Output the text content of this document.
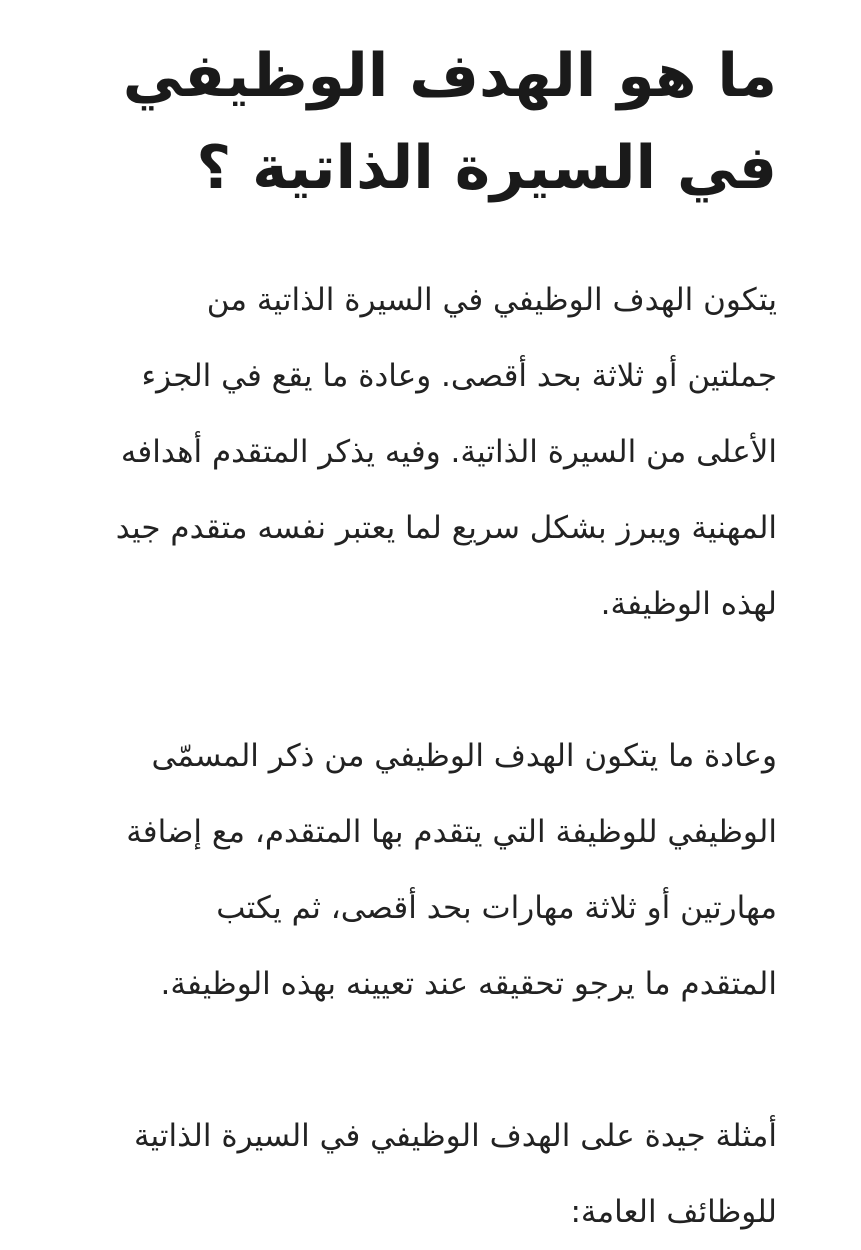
ما هو الهدف الوظيفي
في السيرة الذاتية ؟

يتكون الهدف الوظيفي في السيرة الذاتية من
جملتين أو ثلاثة بحد أقصى. وعادة ما يقع في الجزء
الأعلى من السيرة الذاتية. وفيه يذكر المتقدم أهدافه
المهنية ويبرز بشكل سريع لما يعتبر نفسه متقدم جيد
لهذه الوظيفة.

وعادة ما يتكون الهدف الوظيفي من ذكر المسمّى
الوظيفي للوظيفة التي يتقدم بها المتقدم، مع إضافة
مهارتين أو ثلاثة مهارات بحد أقصى، ثم يكتب
المتقدم ما يرجو تحقيقه عند تعيينه بهذه الوظيفة.

أمثلة جيدة على الهدف الوظيفي في السيرة الذاتية
للوظائف العامة:
